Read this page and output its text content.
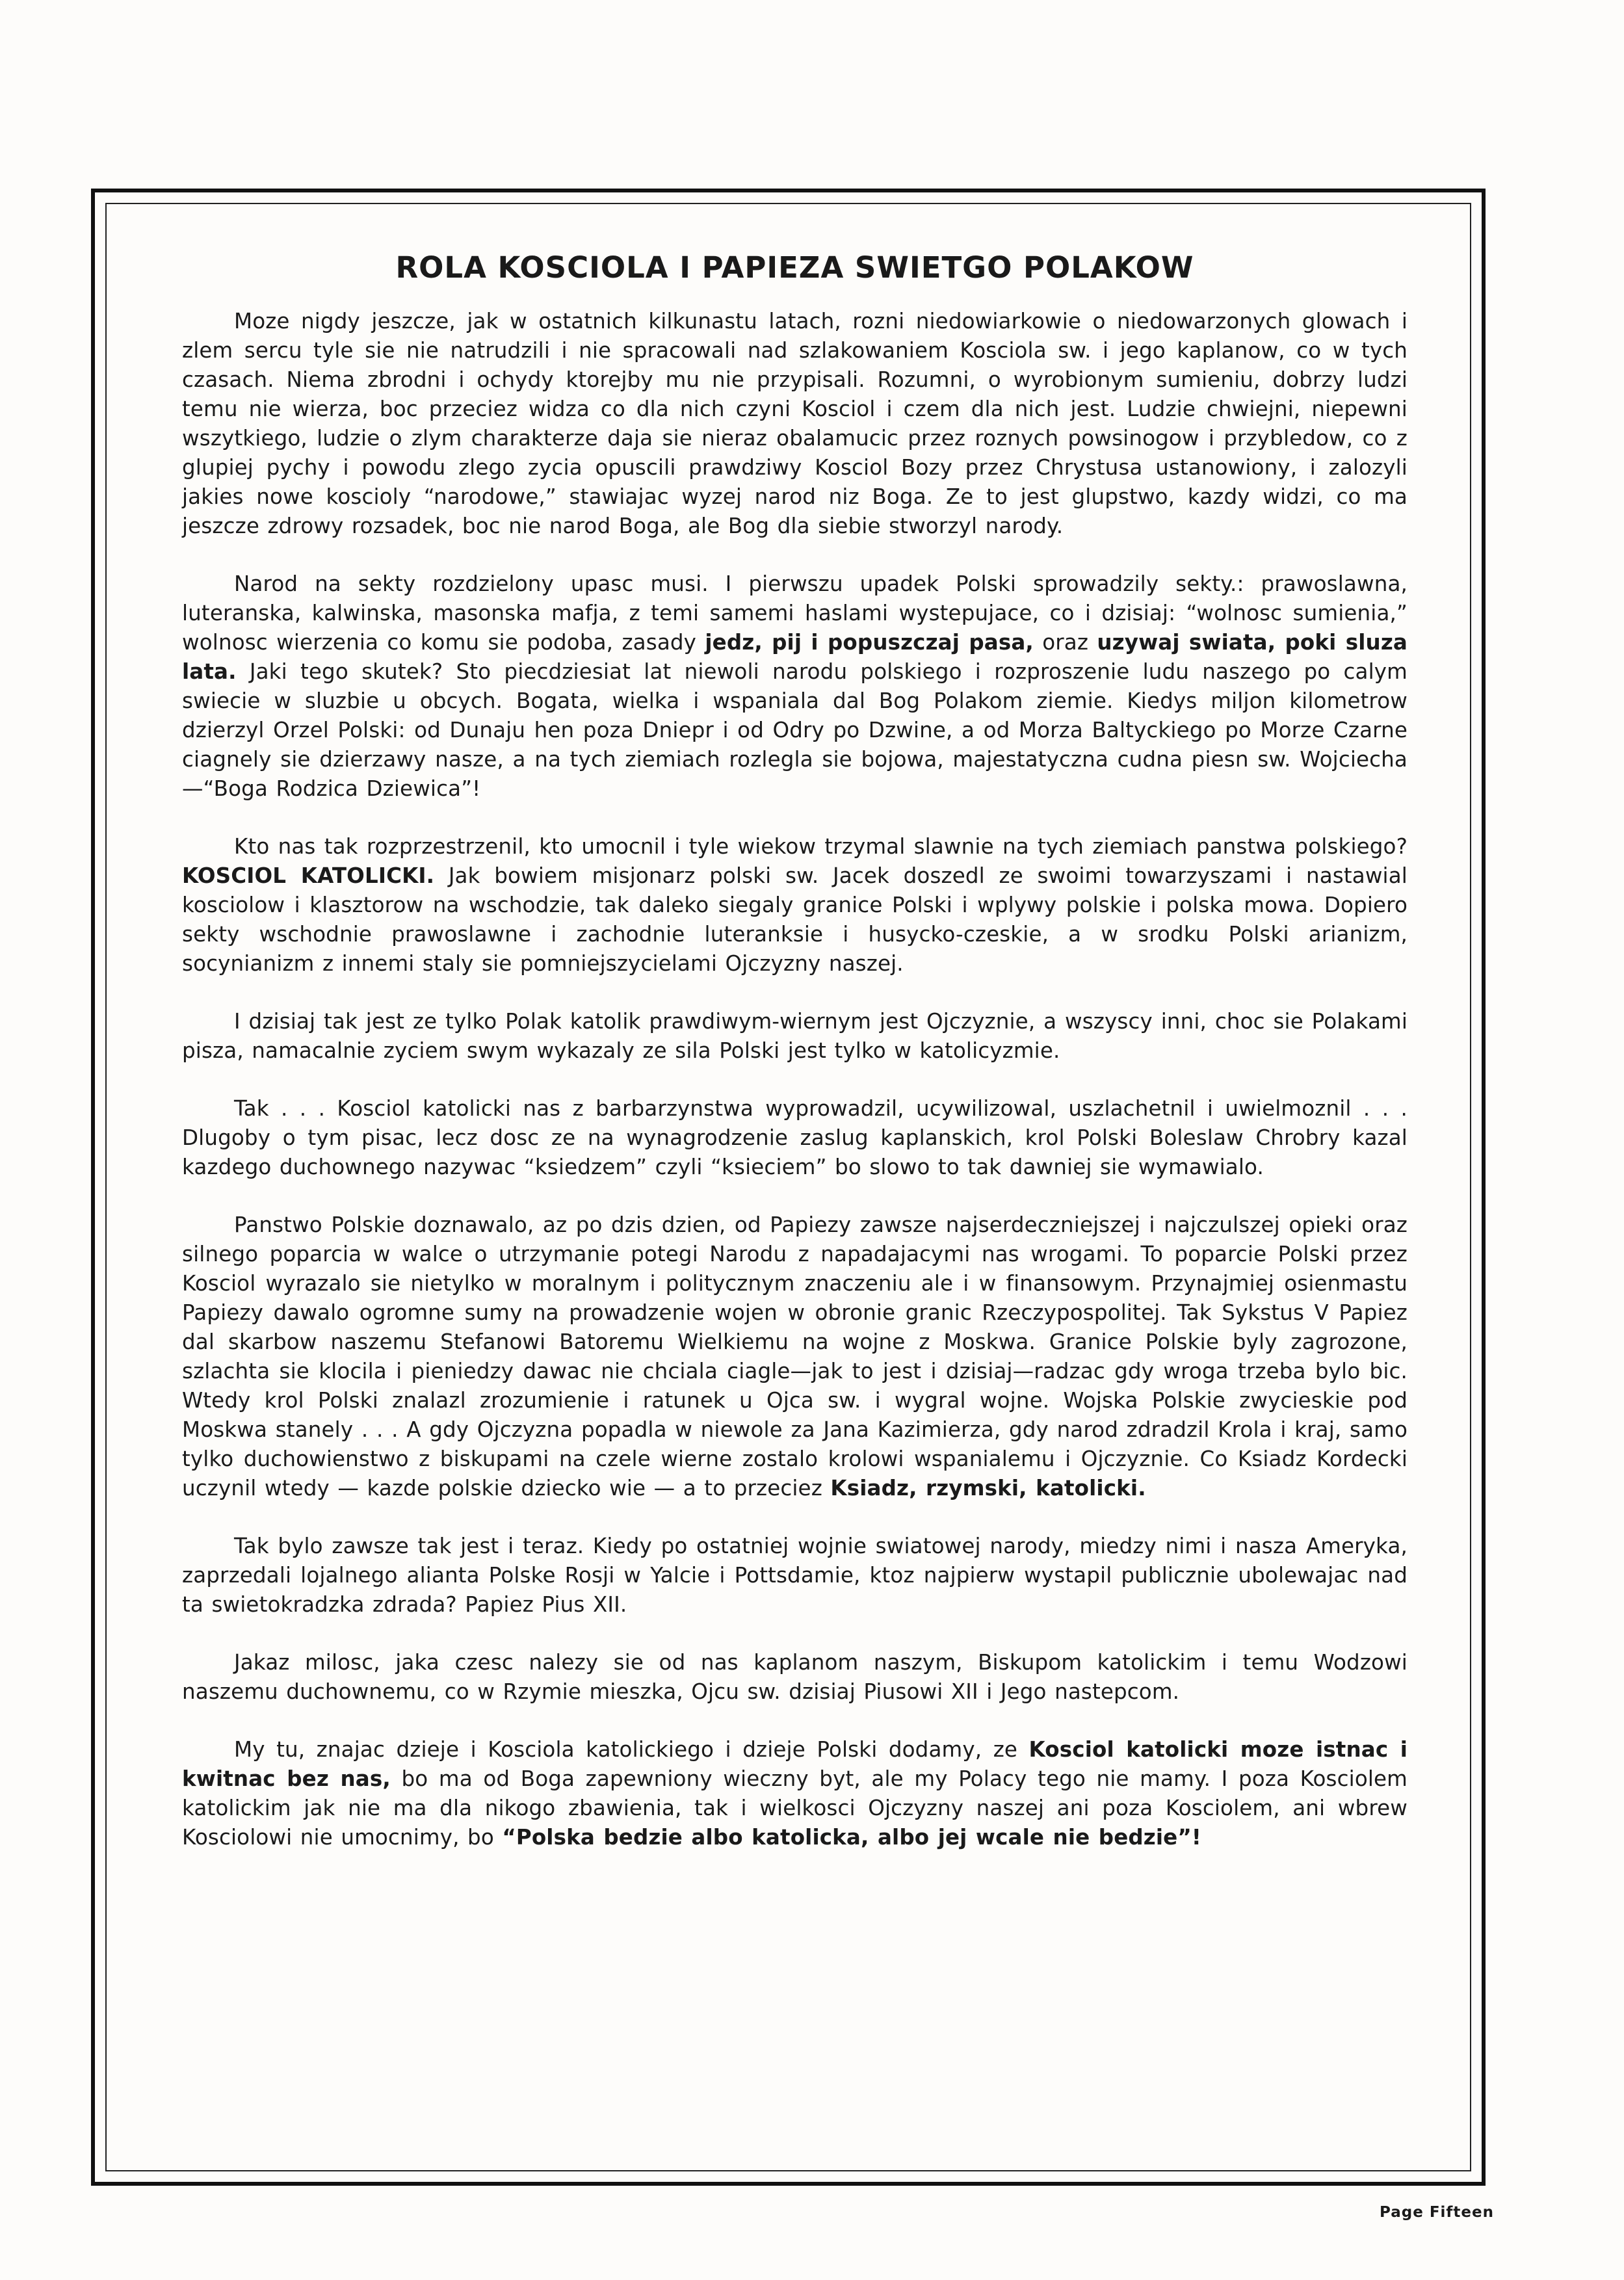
ROLA KOSCIOLA I PAPIEZA SWIETGO POLAKOW

Moze nigdy jeszcze, jak w ostatnich kilkunastu latach, rozni niedowiarkowie o niedowarzonych glowach i zlem sercu tyle sie nie natrudzili i nie spracowali nad szlakowaniem Kosciola sw. i jego kaplanow, co w tych czasach. Niema zbrodni i ochydy ktorejby mu nie przypisali. Rozumni, o wyrobionym sumieniu, dobrzy ludzi temu nie wierza, boc przeciez widza co dla nich czyni Kosciol i czem dla nich jest. Ludzie chwiejni, niepewni wszytkiego, ludzie o zlym charakterze daja sie nieraz obalamucic przez roznych powsinogow i przybledow, co z glupiej pychy i powodu zlego zycia opuscili prawdziwy Kosciol Bozy przez Chrystusa ustanowiony, i zalozyli jakies nowe koscioly “narodowe,” stawiajac wyzej narod niz Boga. Ze to jest glupstwo, kazdy widzi, co ma jeszcze zdrowy rozsadek, boc nie narod Boga, ale Bog dla siebie stworzyl narody.

Narod na sekty rozdzielony upasc musi. I pierwszu upadek Polski sprowadzily sekty.: prawoslawna, luteranska, kalwinska, masonska mafja, z temi samemi haslami wystepujace, co i dzisiaj: “wolnosc sumienia,” wolnosc wierzenia co komu sie podoba, zasady jedz, pij i popuszczaj pasa, oraz uzywaj swiata, poki sluza lata. Jaki tego skutek? Sto piecdziesiat lat niewoli narodu polskiego i rozproszenie ludu naszego po calym swiecie w sluzbie u obcych. Bogata, wielka i wspaniala dal Bog Polakom ziemie. Kiedys miljon kilometrow dzierzyl Orzel Polski: od Dunaju hen poza Dniepr i od Odry po Dzwine, a od Morza Baltyckiego po Morze Czarne ciagnely sie dzierzawy nasze, a na tych ziemiach rozlegla sie bojowa, majestatyczna cudna piesn sw. Wojciecha—“Boga Rodzica Dziewica”!

Kto nas tak rozprzestrzenil, kto umocnil i tyle wiekow trzymal slawnie na tych ziemiach panstwa polskiego? KOSCIOL KATOLICKI. Jak bowiem misjonarz polski sw. Jacek doszedl ze swoimi towarzyszami i nastawial kosciolow i klasztorow na wschodzie, tak daleko siegaly granice Polski i wplywy polskie i polska mowa. Dopiero sekty wschodnie prawoslawne i zachodnie luteranksie i husycko-czeskie, a w srodku Polski arianizm, socynianizm z innemi staly sie pomniejszycielami Ojczyzny naszej.

I dzisiaj tak jest ze tylko Polak katolik prawdiwym-wiernym jest Ojczyznie, a wszyscy inni, choc sie Polakami pisza, namacalnie zyciem swym wykazaly ze sila Polski jest tylko w katolicyzmie.

Tak . . . Kosciol katolicki nas z barbarzynstwa wyprowadzil, ucywilizowal, uszlachetnil i uwielmoznil . . . Dlugoby o tym pisac, lecz dosc ze na wynagrodzenie zaslug kaplanskich, krol Polski Boleslaw Chrobry kazal kazdego duchownego nazywac “ksiedzem” czyli “ksieciem” bo slowo to tak dawniej sie wymawialo.

Panstwo Polskie doznawalo, az po dzis dzien, od Papiezy zawsze najserdeczniejszej i najczulszej opieki oraz silnego poparcia w walce o utrzymanie potegi Narodu z napadajacymi nas wrogami. To poparcie Polski przez Kosciol wyrazalo sie nietylko w moralnym i politycznym znaczeniu ale i w finansowym. Przynajmiej osienmastu Papiezy dawalo ogromne sumy na prowadzenie wojen w obronie granic Rzeczypospolitej. Tak Sykstus V Papiez dal skarbow naszemu Stefanowi Batoremu Wielkiemu na wojne z Moskwa. Granice Polskie byly zagrozone, szlachta sie klocila i pieniedzy dawac nie chciala ciagle—jak to jest i dzisiaj—radzac gdy wroga trzeba bylo bic. Wtedy krol Polski znalazl zrozumienie i ratunek u Ojca sw. i wygral wojne. Wojska Polskie zwycieskie pod Moskwa stanely . . . A gdy Ojczyzna popadla w niewole za Jana Kazimierza, gdy narod zdradzil Krola i kraj, samo tylko duchowienstwo z biskupami na czele wierne zostalo krolowi wspanialemu i Ojczyznie. Co Ksiadz Kordecki uczynil wtedy — kazde polskie dziecko wie — a to przeciez Ksiadz, rzymski, katolicki.

Tak bylo zawsze tak jest i teraz. Kiedy po ostatniej wojnie swiatowej narody, miedzy nimi i nasza Ameryka, zaprzedali lojalnego alianta Polske Rosji w Yalcie i Pottsdamie, ktoz najpierw wystapil publicznie ubolewajac nad ta swietokradzka zdrada? Papiez Pius XII.

Jakaz milosc, jaka czesc nalezy sie od nas kaplanom naszym, Biskupom katolickim i temu Wodzowi naszemu duchownemu, co w Rzymie mieszka, Ojcu sw. dzisiaj Piusowi XII i Jego nastepcom.

My tu, znajac dzieje i Kosciola katolickiego i dzieje Polski dodamy, ze Kosciol katolicki moze istnac i kwitnac bez nas, bo ma od Boga zapewniony wieczny byt, ale my Polacy tego nie mamy. I poza Kosciolem katolickim jak nie ma dla nikogo zbawienia, tak i wielkosci Ojczyzny naszej ani poza Kosciolem, ani wbrew Kosciolowi nie umocnimy, bo “Polska bedzie albo katolicka, albo jej wcale nie bedzie”!

Page Fifteen
